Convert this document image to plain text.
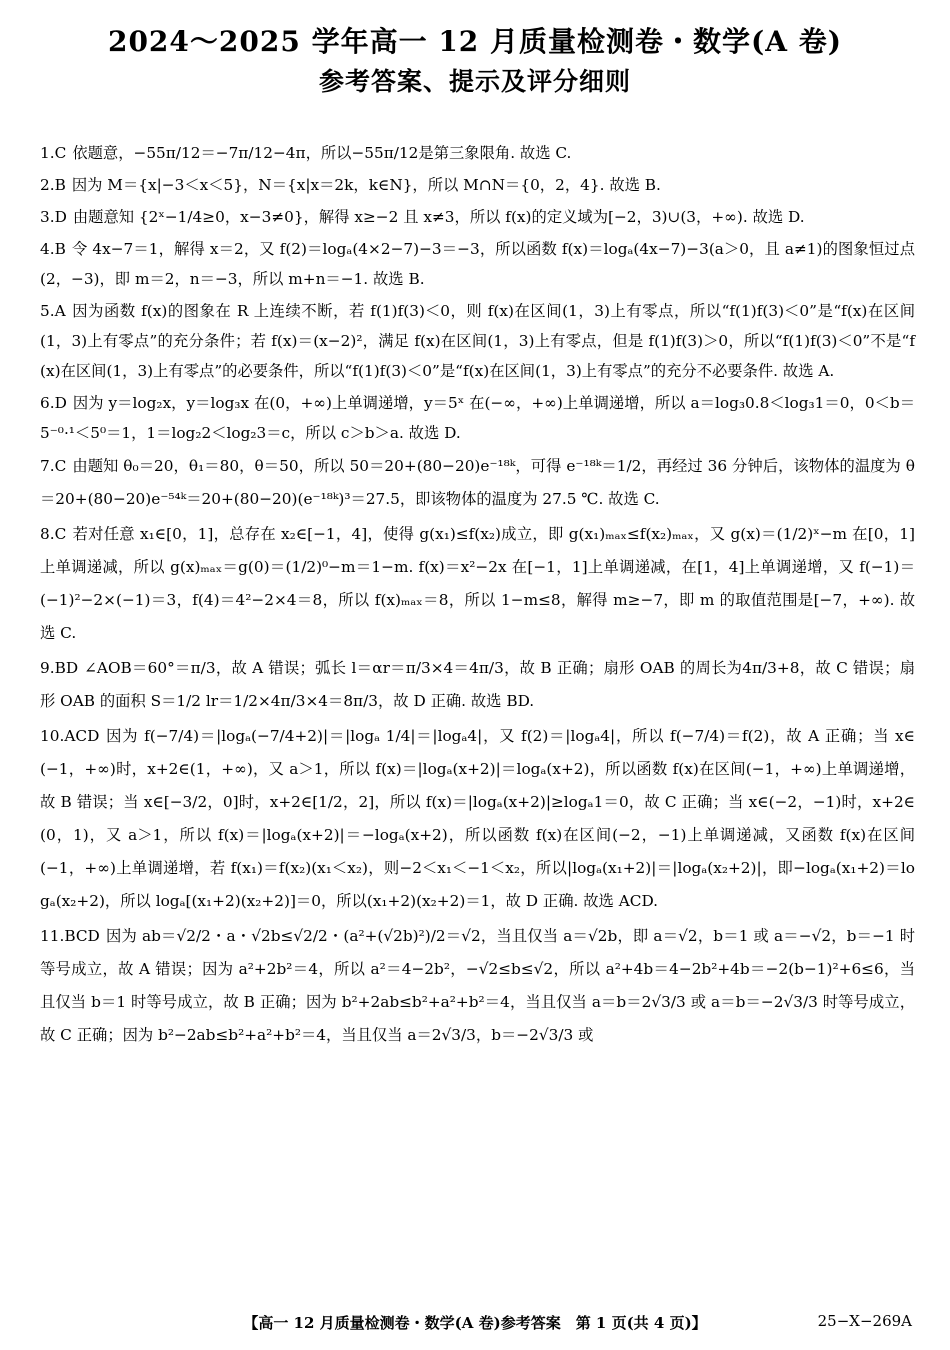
2024～2025 学年高一 12 月质量检测卷・数学(A 卷)
参考答案、提示及评分细则
1.C 依题意，−55π/12＝−7π/12−4π，所以−55π/12是第三象限角. 故选 C.
2.B 因为 M＝{x|−3＜x＜5}，N＝{x|x＝2k，k∈N}，所以 M∩N＝{0，2，4}. 故选 B.
3.D 由题意知 {2ˣ−1/4≥0，x−3≠0}，解得 x≥−2 且 x≠3，所以 f(x)的定义域为[−2，3)∪(3，+∞). 故选 D.
4.B 令 4x−7＝1，解得 x＝2，又 f(2)＝logₐ(4×2−7)−3＝−3，所以函数 f(x)＝logₐ(4x−7)−3(a＞0，且 a≠1)的图象恒过点(2，−3)，即 m＝2，n＝−3，所以 m+n＝−1. 故选 B.
5.A 因为函数 f(x)的图象在 R 上连续不断，若 f(1)f(3)＜0，则 f(x)在区间(1，3)上有零点，所以“f(1)f(3)＜0”是“f(x)在区间(1，3)上有零点”的充分条件；若 f(x)＝(x−2)²，满足 f(x)在区间(1，3)上有零点，但是 f(1)f(3)＞0，所以“f(1)f(3)＜0”不是“f(x)在区间(1，3)上有零点”的必要条件，所以“f(1)f(3)＜0”是“f(x)在区间(1，3)上有零点”的充分不必要条件. 故选 A.
6.D 因为 y＝log₂x，y＝log₃x 在(0，+∞)上单调递增，y＝5ˣ 在(−∞，+∞)上单调递增，所以 a＝log₃0.8＜log₃1＝0，0＜b＝5⁻⁰·¹＜5⁰＝1，1＝log₂2＜log₂3＝c，所以 c＞b＞a. 故选 D.
7.C 由题知 θ₀＝20，θ₁＝80，θ＝50，所以 50＝20+(80−20)e⁻¹⁸ᵏ，可得 e⁻¹⁸ᵏ＝1/2，再经过 36 分钟后，该物体的温度为 θ＝20+(80−20)e⁻⁵⁴ᵏ＝20+(80−20)(e⁻¹⁸ᵏ)³＝27.5，即该物体的温度为 27.5 ℃. 故选 C.
8.C 若对任意 x₁∈[0，1]，总存在 x₂∈[−1，4]，使得 g(x₁)≤f(x₂)成立，即 g(x₁)ₘₐₓ≤f(x₂)ₘₐₓ，又 g(x)＝(1/2)ˣ−m 在[0，1]上单调递减，所以 g(x)ₘₐₓ＝g(0)＝(1/2)⁰−m＝1−m. f(x)＝x²−2x 在[−1，1]上单调递减，在[1，4]上单调递增，又 f(−1)＝(−1)²−2×(−1)＝3，f(4)＝4²−2×4＝8，所以 f(x)ₘₐₓ＝8，所以 1−m≤8，解得 m≥−7，即 m 的取值范围是[−7，+∞). 故选 C.
9.BD ∠AOB＝60°＝π/3，故 A 错误；弧长 l＝αr＝π/3×4＝4π/3，故 B 正确；扇形 OAB 的周长为4π/3+8，故 C 错误；扇形 OAB 的面积 S＝1/2 lr＝1/2×4π/3×4＝8π/3，故 D 正确. 故选 BD.
10.ACD 因为 f(−7/4)＝|logₐ(−7/4+2)|＝|logₐ 1/4|＝|logₐ4|，又 f(2)＝|logₐ4|，所以 f(−7/4)＝f(2)，故 A 正确；当 x∈(−1，+∞)时，x+2∈(1，+∞)，又 a＞1，所以 f(x)＝|logₐ(x+2)|＝logₐ(x+2)，所以函数 f(x)在区间(−1，+∞)上单调递增，故 B 错误；当 x∈[−3/2，0]时，x+2∈[1/2，2]，所以 f(x)＝|logₐ(x+2)|≥logₐ1＝0，故 C 正确；当 x∈(−2，−1)时，x+2∈(0，1)，又 a＞1，所以 f(x)＝|logₐ(x+2)|＝−logₐ(x+2)，所以函数 f(x)在区间(−2，−1)上单调递减，又函数 f(x)在区间(−1，+∞)上单调递增，若 f(x₁)＝f(x₂)(x₁＜x₂)，则−2＜x₁＜−1＜x₂，所以|logₐ(x₁+2)|＝|logₐ(x₂+2)|，即−logₐ(x₁+2)＝logₐ(x₂+2)，所以 logₐ[(x₁+2)(x₂+2)]＝0，所以(x₁+2)(x₂+2)＝1，故 D 正确. 故选 ACD.
11.BCD 因为 ab＝√2/2・a・√2b≤√2/2・(a²+(√2b)²)/2＝√2，当且仅当 a＝√2b，即 a＝√2，b＝1 或 a＝−√2，b＝−1 时等号成立，故 A 错误；因为 a²+2b²＝4，所以 a²＝4−2b²，−√2≤b≤√2，所以 a²+4b＝4−2b²+4b＝−2(b−1)²+6≤6，当且仅当 b＝1 时等号成立，故 B 正确；因为 b²+2ab≤b²+a²+b²＝4，当且仅当 a＝b＝2√3/3 或 a＝b＝−2√3/3 时等号成立，故 C 正确；因为 b²−2ab≤b²+a²+b²＝4，当且仅当 a＝2√3/3，b＝−2√3/3 或
【高一 12 月质量检测卷・数学(A 卷)参考答案　第 1 页(共 4 页)】	25−X−269A
